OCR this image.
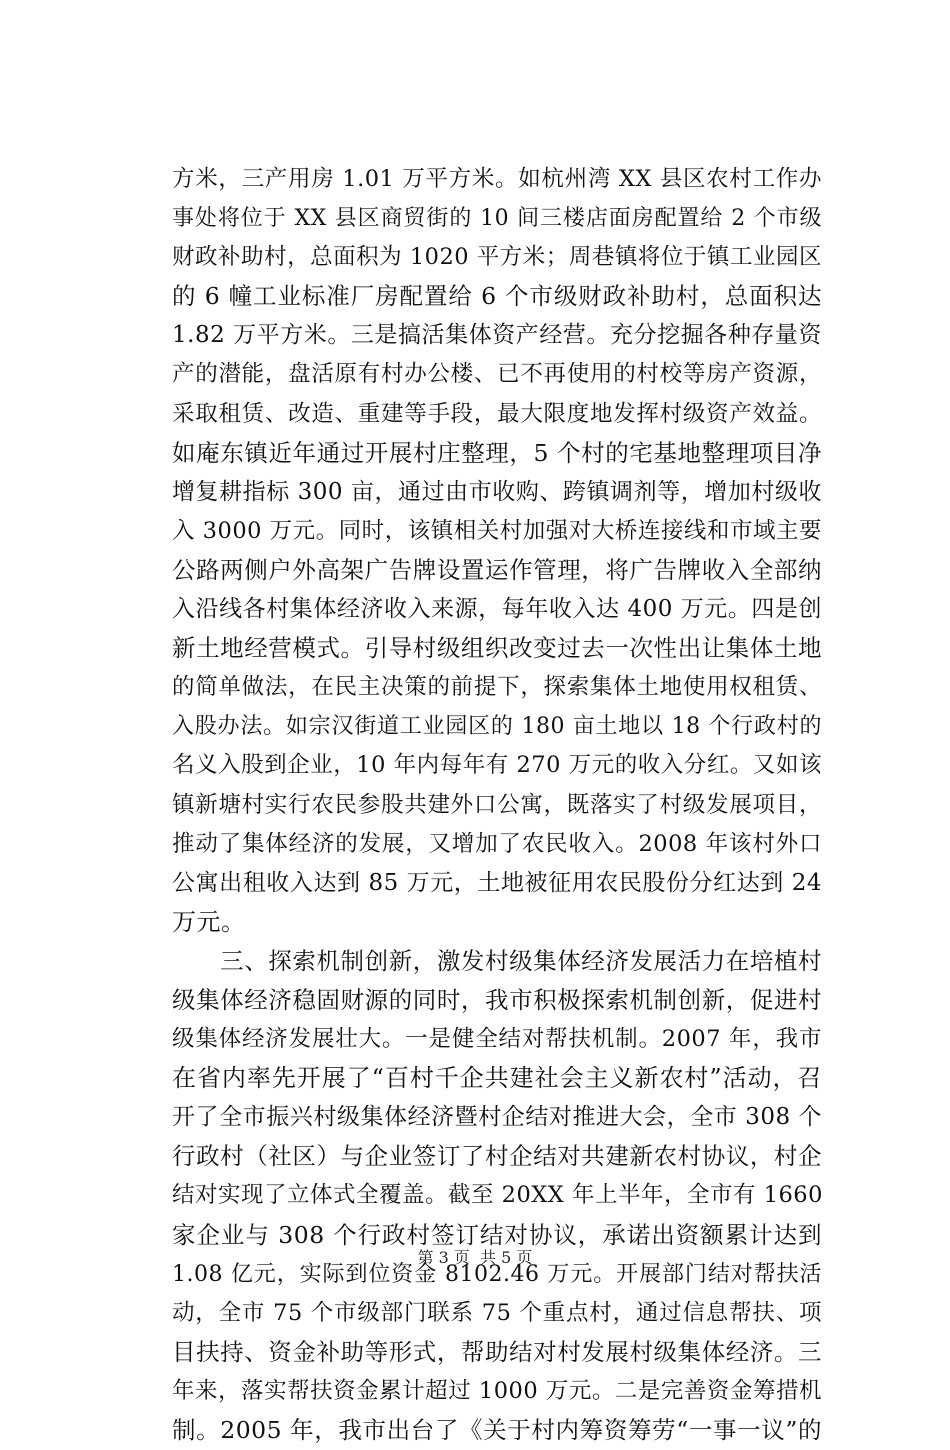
方米，三产用房 1.01 万平方米。如杭州湾 XX 县区农村工作办
事处将位于 XX 县区商贸街的 10 间三楼店面房配置给 2 个市级
财政补助村，总面积为 1020 平方米；周巷镇将位于镇工业园区
的 6 幢工业标准厂房配置给 6 个市级财政补助村，总面积达
1.82 万平方米。三是搞活集体资产经营。充分挖掘各种存量资
产的潜能，盘活原有村办公楼、已不再使用的村校等房产资源，
采取租赁、改造、重建等手段，最大限度地发挥村级资产效益。
如庵东镇近年通过开展村庄整理，5 个村的宅基地整理项目净
增复耕指标 300 亩，通过由市收购、跨镇调剂等，增加村级收
入 3000 万元。同时，该镇相关村加强对大桥连接线和市域主要
公路两侧户外高架广告牌设置运作管理，将广告牌收入全部纳
入沿线各村集体经济收入来源，每年收入达 400 万元。四是创
新土地经营模式。引导村级组织改变过去一次性出让集体土地
的简单做法，在民主决策的前提下，探索集体土地使用权租赁、
入股办法。如宗汉街道工业园区的 180 亩土地以 18 个行政村的
名义入股到企业，10 年内每年有 270 万元的收入分红。又如该
镇新塘村实行农民参股共建外口公寓，既落实了村级发展项目，
推动了集体经济的发展，又增加了农民收入。2008 年该村外口
公寓出租收入达到 85 万元，土地被征用农民股份分红达到 24
万元。
　　三、探索机制创新，激发村级集体经济发展活力在培植村
级集体经济稳固财源的同时，我市积极探索机制创新，促进村
级集体经济发展壮大。一是健全结对帮扶机制。2007 年，我市
在省内率先开展了“百村千企共建社会主义新农村”活动，召
开了全市振兴村级集体经济暨村企结对推进大会，全市 308 个
行政村（社区）与企业签订了村企结对共建新农村协议，村企
结对实现了立体式全覆盖。截至 20XX 年上半年，全市有 1660
家企业与 308 个行政村签订结对协议，承诺出资额累计达到
1.08 亿元，实际到位资金 8102.46 万元。开展部门结对帮扶活
动，全市 75 个市级部门联系 75 个重点村，通过信息帮扶、项
目扶持、资金补助等形式，帮助结对村发展村级集体经济。三
年来，落实帮扶资金累计超过 1000 万元。二是完善资金筹措机
制。2005 年，我市出台了《关于村内筹资筹劳“一事一议”的
第 3 页 共 5 页
